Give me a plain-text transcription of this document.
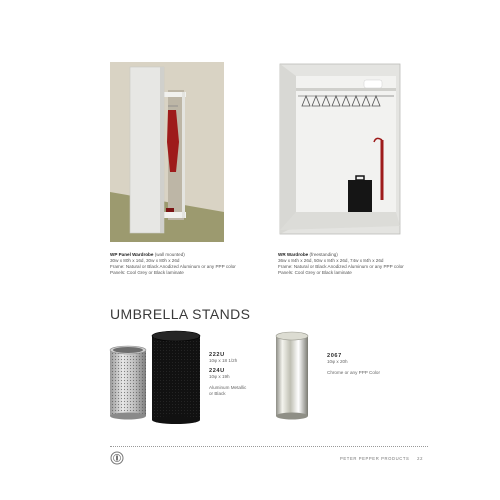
WP Panel Wardrobe (wall mounted)
30w x 80h x 16d, 30w x 80h x 26d
Frame: Natural or Black Anodized Aluminum or any PPP color
Panels: Cool Grey or Black laminate
WR Wardrobe (freestanding)
36w x 84h x 26d, 50w x 84h x 26d, 74w x 84h x 26d
Frame: Natural or Black Anodized Aluminum or any PPP color
Panels: Cool Grey or Black laminate
UMBRELLA STANDS
222U
10φ x 18 1/2h
224U
10φ x 19h
Aluminum Metallic or Black
2067
10φ x 20h
Chrome or any PPP Color
PETER PEPPER PRODUCTS 22
